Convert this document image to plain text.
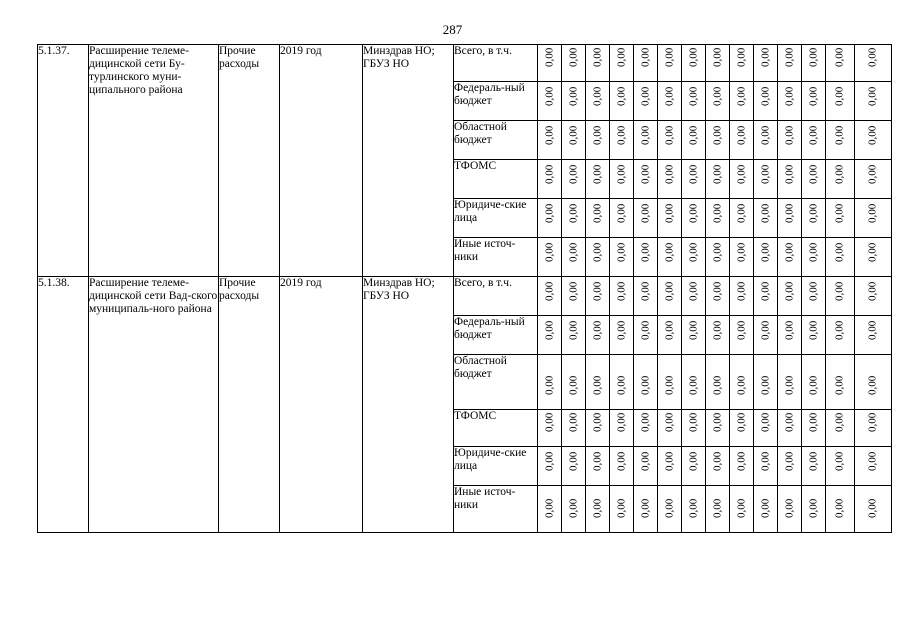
287
5.1.37.	Расширение телеме-дицинской сети Бу-турлинского муни-ципального района	Прочие расходы	2019 год	Минздрав НО; ГБУЗ НО	Всего, в т.ч.	0,00	0,00	0,00	0,00	0,00	0,00	0,00	0,00	0,00	0,00	0,00	0,00	0,00	0,00

					Федераль-ный бюджет	0,00	0,00	0,00	0,00	0,00	0,00	0,00	0,00	0,00	0,00	0,00	0,00	0,00	0,00

					Областной бюджет	0,00	0,00	0,00	0,00	0,00	0,00	0,00	0,00	0,00	0,00	0,00	0,00	0,00	0,00

					ТФОМС	0,00	0,00	0,00	0,00	0,00	0,00	0,00	0,00	0,00	0,00	0,00	0,00	0,00	0,00

					Юридиче-ские лица	0,00	0,00	0,00	0,00	0,00	0,00	0,00	0,00	0,00	0,00	0,00	0,00	0,00	0,00

					Иные источ-ники	0,00	0,00	0,00	0,00	0,00	0,00	0,00	0,00	0,00	0,00	0,00	0,00	0,00	0,00

5.1.38.	Расширение телеме-дицинской сети Вад-ского муниципаль-ного района	Прочие расходы	2019 год	Минздрав НО; ГБУЗ НО	Всего, в т.ч.	0,00	0,00	0,00	0,00	0,00	0,00	0,00	0,00	0,00	0,00	0,00	0,00	0,00	0,00

					Федераль-ный бюджет	0,00	0,00	0,00	0,00	0,00	0,00	0,00	0,00	0,00	0,00	0,00	0,00	0,00	0,00

					Областной бюджет	0,00	0,00	0,00	0,00	0,00	0,00	0,00	0,00	0,00	0,00	0,00	0,00	0,00	0,00

					ТФОМС	0,00	0,00	0,00	0,00	0,00	0,00	0,00	0,00	0,00	0,00	0,00	0,00	0,00	0,00

					Юридиче-ские лица	0,00	0,00	0,00	0,00	0,00	0,00	0,00	0,00	0,00	0,00	0,00	0,00	0,00	0,00

					Иные источ-ники	0,00	0,00	0,00	0,00	0,00	0,00	0,00	0,00	0,00	0,00	0,00	0,00	0,00	0,00
